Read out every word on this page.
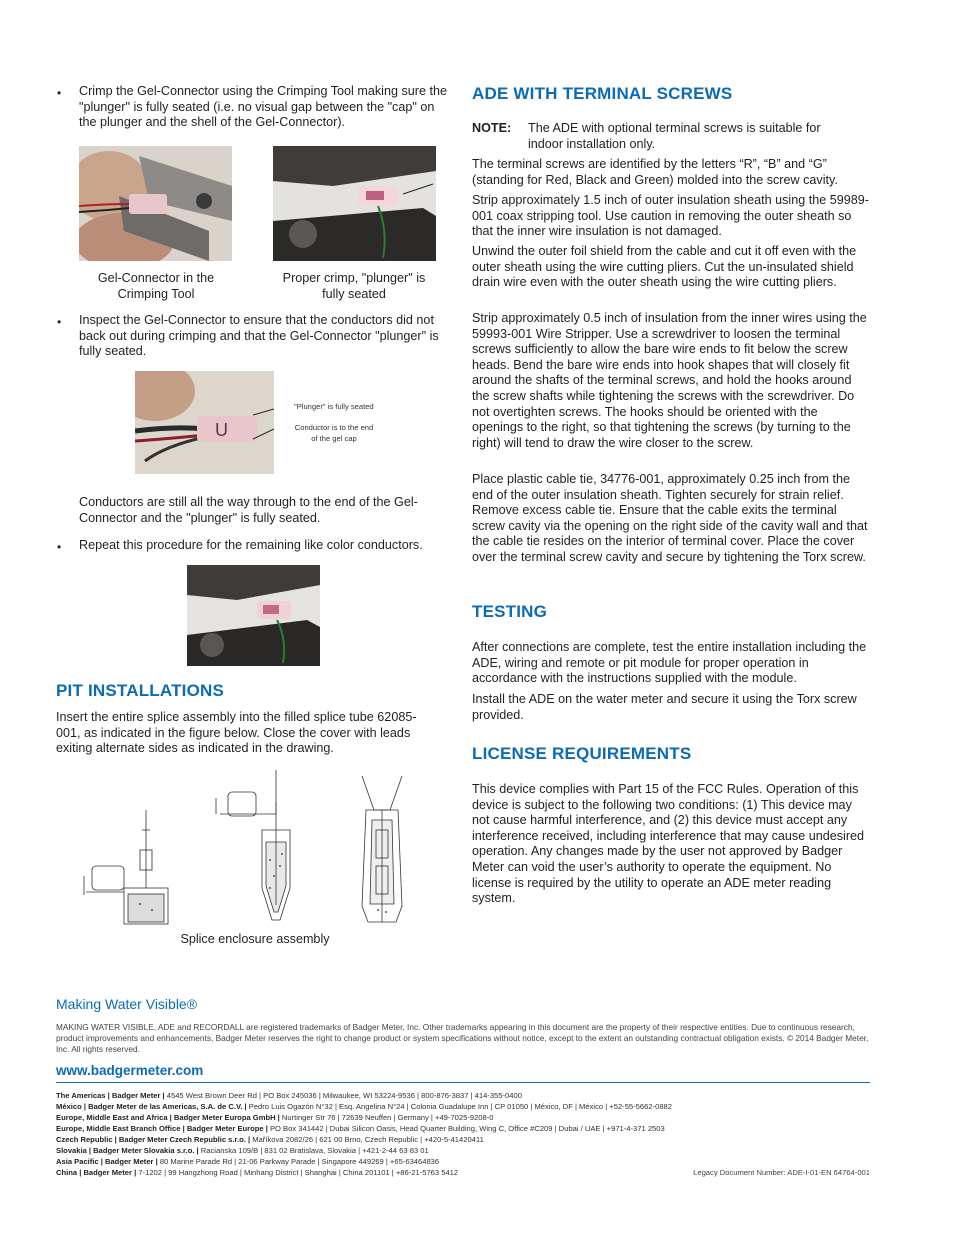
• Crimp the Gel-Connector using the Crimping Tool making sure the "plunger" is fully seated (i.e. no visual gap between the "cap" on the plunger and the shell of the Gel-Connector).

Gel-Connector in the Crimping Tool
Proper crimp, "plunger" is fully seated
• Inspect the Gel-Connector to ensure that the conductors did not back out during crimping and that the Gel-Connector "plunger" is fully seated.

U
"Plunger" is fully seated
Conductor is to the end
of the gel cap

Conductors are still all the way through to the end of the Gel-Connector and the "plunger" is fully seated.

• Repeat this procedure for the remaining like color conductors.

PIT INSTALLATIONS

Insert the entire splice assembly into the filled splice tube 62085-001, as indicated in the figure below. Close the cover with leads exiting alternate sides as indicated in the drawing.

Splice enclosure assembly
ADE WITH TERMINAL SCREWS
NOTE: The ADE with optional terminal screws is suitable for indoor installation only.

The terminal screws are identified by the letters “R”, “B” and “G” (standing for Red, Black and Green) molded into the screw cavity.

Strip approximately 1.5 inch of outer insulation sheath using the 59989-001 coax stripping tool. Use caution in removing the outer sheath so that the inner wire insulation is not damaged.

Unwind the outer foil shield from the cable and cut it off even with the outer sheath using the wire cutting pliers. Cut the un-insulated shield drain wire even with the outer sheath using the wire cutting pliers.

Strip approximately 0.5 inch of insulation from the inner wires using the 59993-001 Wire Stripper. Use a screwdriver to loosen the terminal screws sufficiently to allow the bare wire ends to fit below the screw heads. Bend the bare wire ends into hook shapes that will closely fit around the shafts of the terminal screws, and hold the hooks around the screw shafts while tightening the screws with the screwdriver. Do not overtighten screws. The hooks should be oriented with the openings to the right, so that tightening the screws (by turning to the right) will tend to draw the wire closer to the screw.

Place plastic cable tie, 34776-001, approximately 0.25 inch from the end of the outer insulation sheath. Tighten securely for strain relief. Remove excess cable tie. Ensure that the cable exits the terminal screw cavity via the opening on the right side of the cavity wall and that the cable tie resides on the interior of terminal cover. Place the cover over the terminal screw cavity and secure by tightening the Torx screw.

TESTING

After connections are complete, test the entire installation including the ADE, wiring and remote or pit module for proper operation in accordance with the instructions supplied with the module.

Install the ADE on the water meter and secure it using the Torx screw provided.

LICENSE REQUIREMENTS

This device complies with Part 15 of the FCC Rules. Operation of this device is subject to the following two conditions: (1) This device may not cause harmful interference, and (2) this device must accept any interference received, including interference that may cause undesired operation. Any changes made by the user not approved by Badger Meter can void the user’s authority to operate the equipment. No license is required by the utility to operate an ADE meter reading system.

Making Water Visible®
MAKING WATER VISIBLE, ADE and RECORDALL are registered trademarks of Badger Meter, Inc. Other trademarks appearing in this document are the property of their respective entities. Due to continuous research, product improvements and enhancements, Badger Meter reserves the right to change product or system specifications without notice, except to the extent an outstanding contractual obligation exists. © 2014 Badger Meter, Inc. All rights reserved.
www.badgermeter.com
The Americas | Badger Meter | 4545 West Brown Deer Rd | PO Box 245036 | Milwaukee, WI 53224-9536 | 800-876-3837 | 414-355-0400
México | Badger Meter de las Americas, S.A. de C.V. | Pedro Luis Ogazón N°32 | Esq. Angelina N°24 | Colonia Guadalupe Inn | CP 01050 | México, DF | México | +52-55-5662-0882
Europe, Middle East and Africa | Badger Meter Europa GmbH | Nurtinger Str 76 | 72639 Neuffen | Germany | +49-7025-9208-0
Europe, Middle East Branch Office | Badger Meter Europe | PO Box 341442 | Dubai Silicon Oasis, Head Quarter Building, Wing C, Office #C209 | Dubai / UAE | +971-4-371 2503
Czech Republic | Badger Meter Czech Republic s.r.o. | Maříkova 2082/26 | 621 00 Brno, Czech Republic | +420-5-41420411
Slovakia | Badger Meter Slovakia s.r.o. | Racianska 109/B | 831 02 Bratislava, Slovakia | +421-2-44 63 83 01
Asia Pacific | Badger Meter | 80 Marine Parade Rd | 21-06 Parkway Parade | Singapore 449269 | +65-63464836
China | Badger Meter | 7-1202 | 99 Hangzhong Road | Minhang District | Shanghai | China 201101 | +86-21-5763 5412	Legacy Document Number: ADE-I-01-EN 64764-001
